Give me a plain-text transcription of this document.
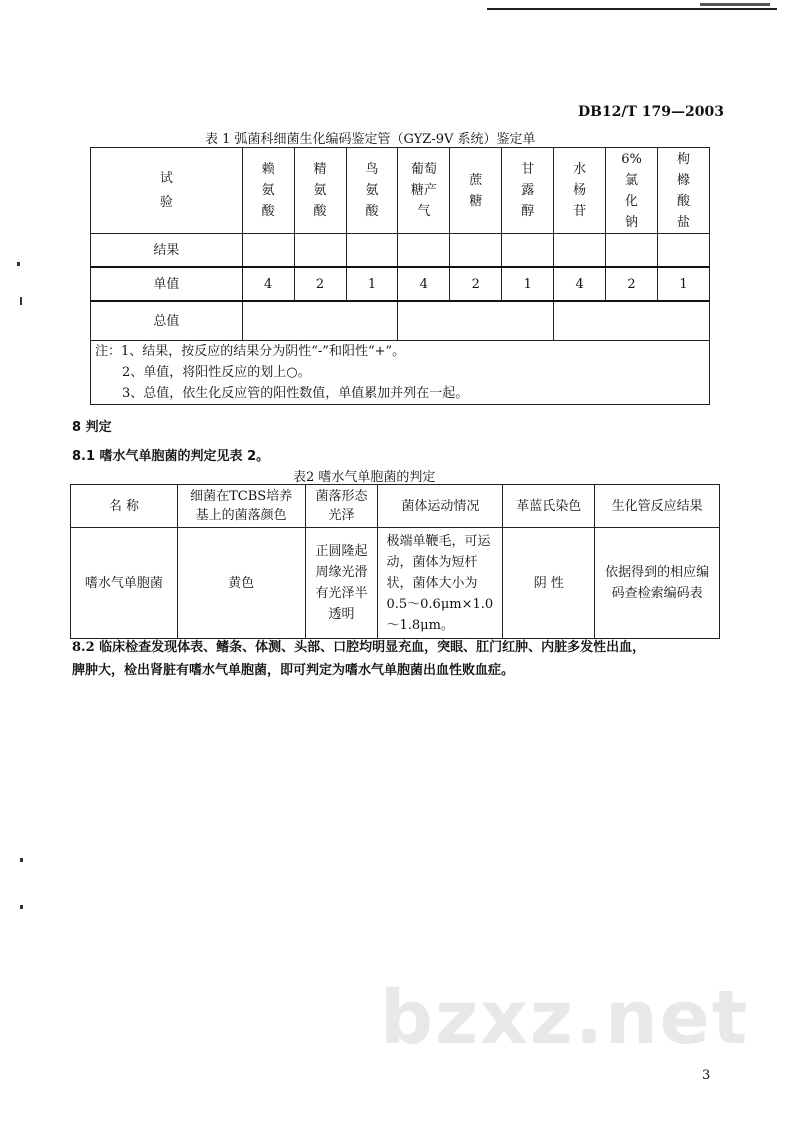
DB12/T 179—2003
表 1 弧菌科细菌生化编码鉴定管（GYZ-9V 系统）鉴定单
试
验	赖氨酸	精氨酸	鸟氨酸	葡萄糖产气	蔗糖	甘露醇	水杨苷	6%氯化钠	枸橼酸盐
结果									
单值	4	2	1	4	2	1	4	2	1
总值									
注：1、结果，按反应的结果分为阴性“-”和阳性“+”。
2、单值，将阳性反应的划上○。
3、总值，依生化反应管的阳性数值，单值累加并列在一起。
8 判定
8.1 嗜水气单胞菌的判定见表 2。
表2 嗜水气单胞菌的判定
名 称	细菌在TCBS培养基上的菌落颜色	菌落形态光泽	菌体运动情况	革蓝氏染色	生化管反应结果
嗜水气单胞菌	黄色	正圆隆起周缘光滑有光泽半透明	极端单鞭毛，可运动，菌体为短杆状，菌体大小为0.5～0.6μm×1.0～1.8μm。	阴 性	依据得到的相应编码查检索编码表
8.2 临床检查发现体表、鳍条、体测、头部、口腔均明显充血，突眼、肛门红肿、内脏多发性出血，
脾肿大，检出肾脏有嗜水气单胞菌，即可判定为嗜水气单胞菌出血性败血症。
bzxz.net
3
